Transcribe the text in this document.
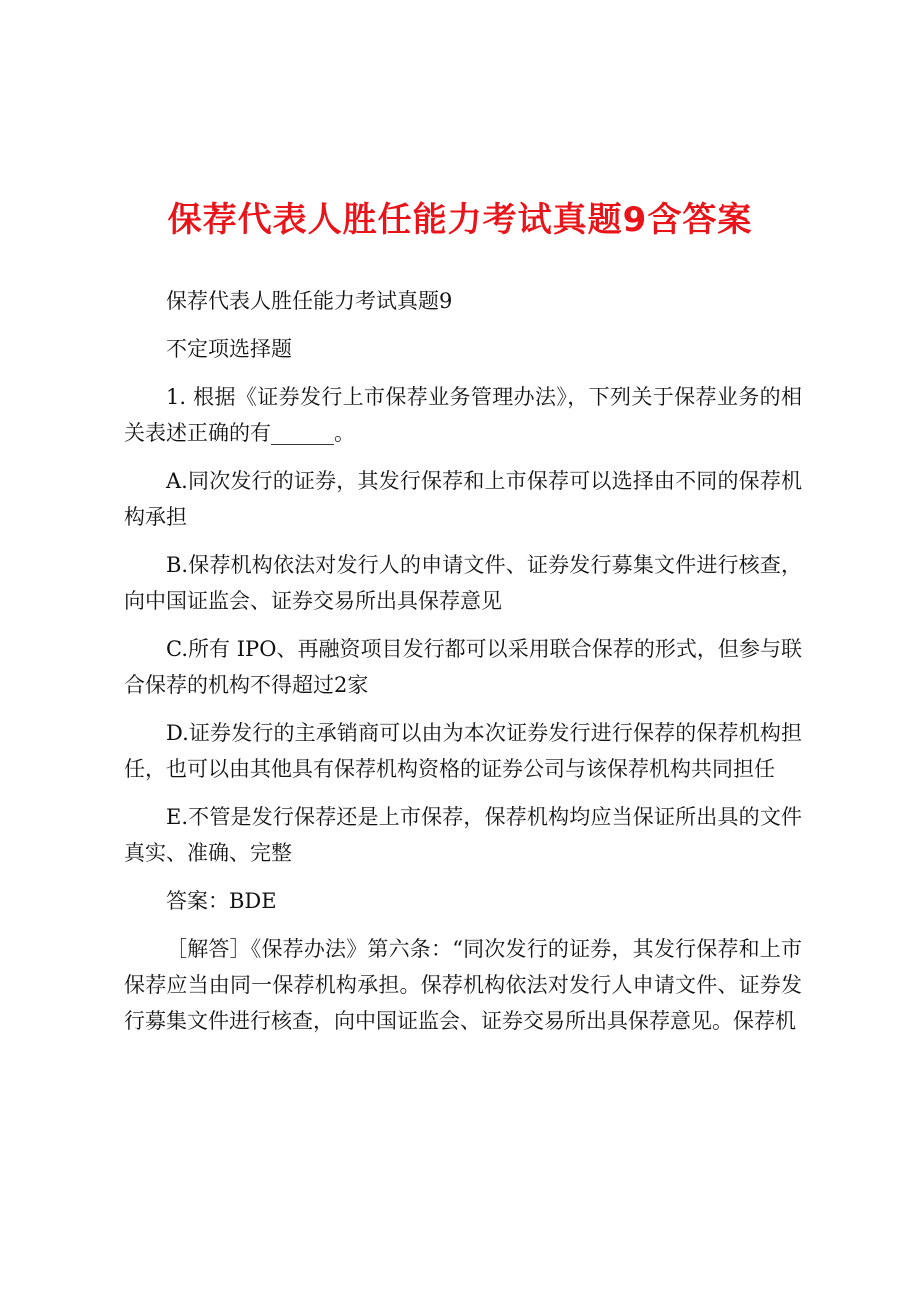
保荐代表人胜任能力考试真题9含答案

保荐代表人胜任能力考试真题9

不定项选择题

1. 根据《证券发行上市保荐业务管理办法》，下列关于保荐业务的相关表述正确的有______。

A.同次发行的证券，其发行保荐和上市保荐可以选择由不同的保荐机构承担

B.保荐机构依法对发行人的申请文件、证券发行募集文件进行核查，向中国证监会、证券交易所出具保荐意见

C.所有 IPO、再融资项目发行都可以采用联合保荐的形式，但参与联合保荐的机构不得超过2家

D.证券发行的主承销商可以由为本次证券发行进行保荐的保荐机构担任，也可以由其他具有保荐机构资格的证券公司与该保荐机构共同担任

E.不管是发行保荐还是上市保荐，保荐机构均应当保证所出具的文件真实、准确、完整

答案：BDE

［解答］《保荐办法》第六条：“同次发行的证券，其发行保荐和上市保荐应当由同一保荐机构承担。保荐机构依法对发行人申请文件、证券发行募集文件进行核查，向中国证监会、证券交易所出具保荐意见。保荐机
